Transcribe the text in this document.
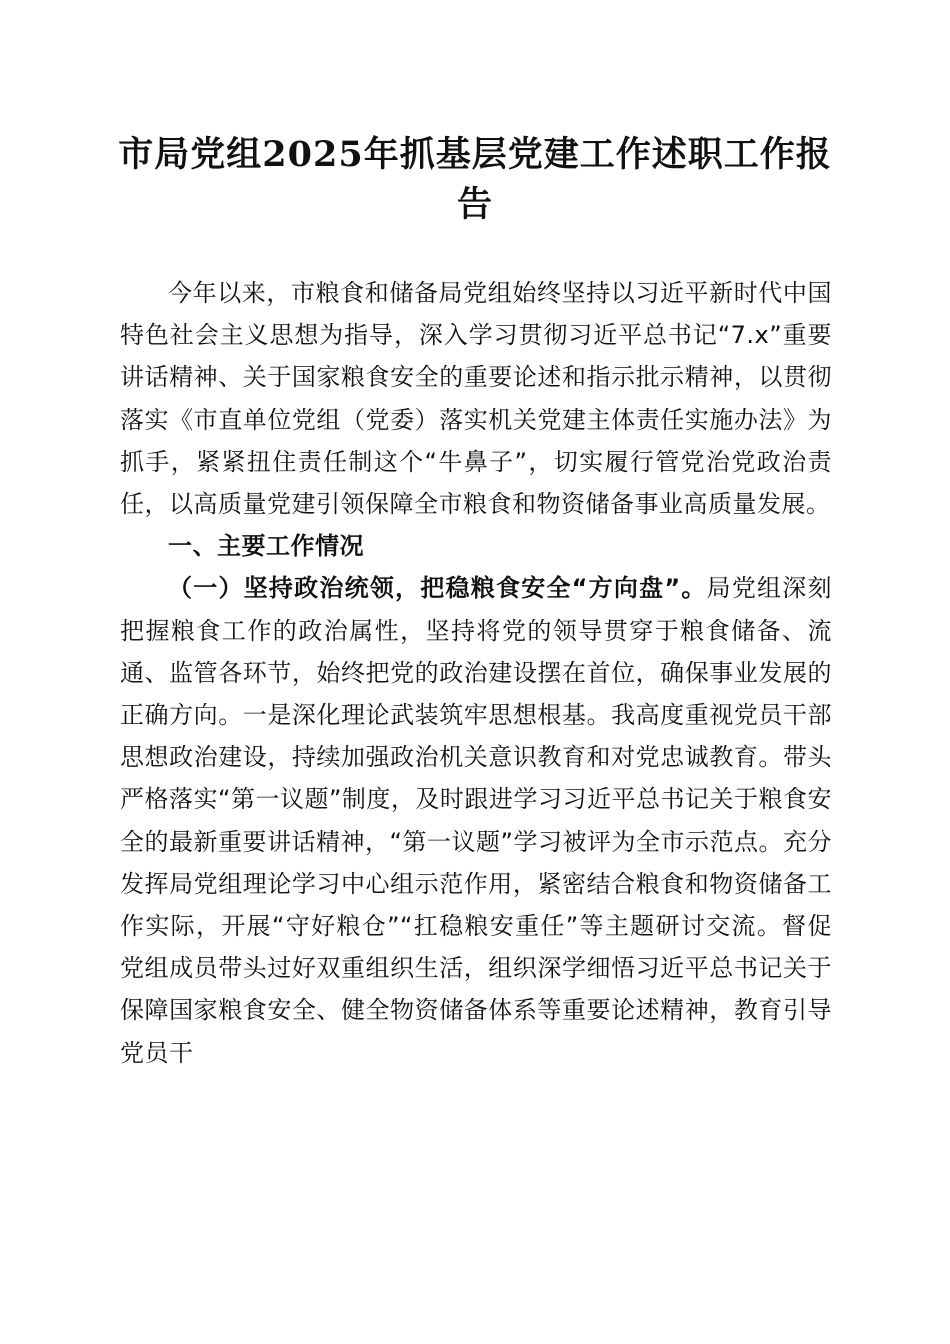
市局党组2025年抓基层党建工作述职工作报告

今年以来，市粮食和储备局党组始终坚持以习近平新时代中国特色社会主义思想为指导，深入学习贯彻习近平总书记“7.x”重要讲话精神、关于国家粮食安全的重要论述和指示批示精神，以贯彻落实《市直单位党组（党委）落实机关党建主体责任实施办法》为抓手，紧紧扭住责任制这个“牛鼻子”，切实履行管党治党政治责任，以高质量党建引领保障全市粮食和物资储备事业高质量发展。

一、主要工作情况

（一）坚持政治统领，把稳粮食安全“方向盘”。局党组深刻把握粮食工作的政治属性，坚持将党的领导贯穿于粮食储备、流通、监管各环节，始终把党的政治建设摆在首位，确保事业发展的正确方向。一是深化理论武装筑牢思想根基。我高度重视党员干部思想政治建设，持续加强政治机关意识教育和对党忠诚教育。带头严格落实“第一议题”制度，及时跟进学习习近平总书记关于粮食安全的最新重要讲话精神，“第一议题”学习被评为全市示范点。充分发挥局党组理论学习中心组示范作用，紧密结合粮食和物资储备工作实际，开展“守好粮仓”“扛稳粮安重任”等主题研讨交流。督促党组成员带头过好双重组织生活，组织深学细悟习近平总书记关于保障国家粮食安全、健全物资储备体系等重要论述精神，教育引导党员干
